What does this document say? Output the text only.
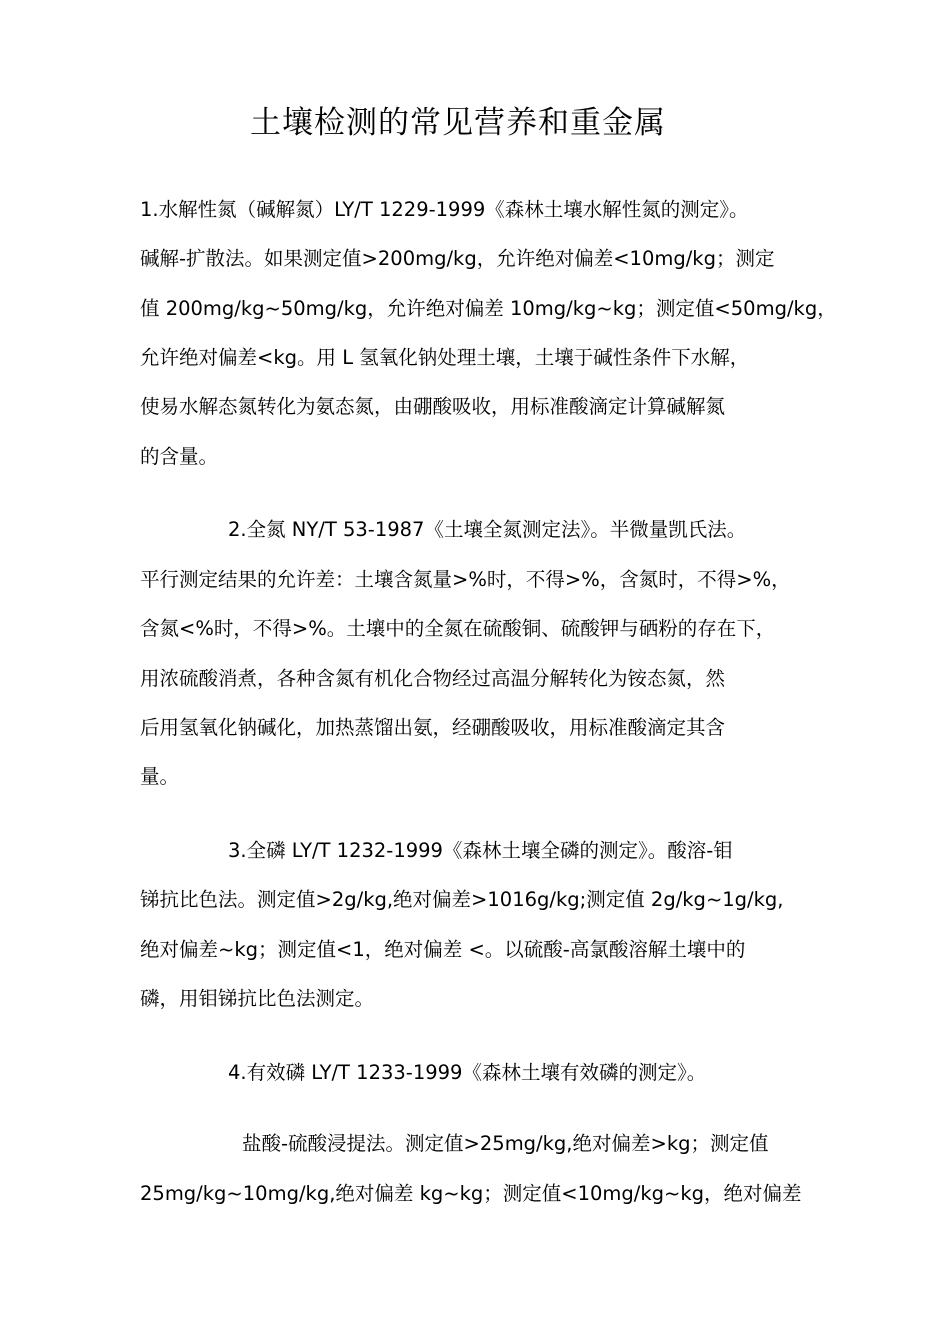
土壤检测的常见营养和重金属

1.水解性氮（碱解氮）LY/T 1229-1999《森林土壤水解性氮的测定》。

碱解-扩散法。如果测定值>200mg/kg，允许绝对偏差<10mg/kg；测定

值 200mg/kg~50mg/kg，允许绝对偏差 10mg/kg~kg；测定值<50mg/kg，

允许绝对偏差<kg。用 L 氢氧化钠处理土壤，土壤于碱性条件下水解，

使易水解态氮转化为氨态氮，由硼酸吸收，用标准酸滴定计算碱解氮

的含量。

2.全氮 NY/T 53-1987《土壤全氮测定法》。半微量凯氏法。

平行测定结果的允许差：土壤含氮量>%时，不得>%，含氮时，不得>%，

含氮<%时，不得>%。土壤中的全氮在硫酸铜、硫酸钾与硒粉的存在下，

用浓硫酸消煮，各种含氮有机化合物经过高温分解转化为铵态氮，然

后用氢氧化钠碱化，加热蒸馏出氨，经硼酸吸收，用标准酸滴定其含

量。

3.全磷 LY/T 1232-1999《森林土壤全磷的测定》。酸溶-钼

锑抗比色法。测定值>2g/kg,绝对偏差>1016g/kg;测定值 2g/kg~1g/kg,

绝对偏差~kg；测定值<1，绝对偏差 <。以硫酸-高氯酸溶解土壤中的

磷，用钼锑抗比色法测定。

4.有效磷 LY/T 1233-1999《森林土壤有效磷的测定》。

盐酸-硫酸浸提法。测定值>25mg/kg,绝对偏差>kg；测定值

25mg/kg~10mg/kg,绝对偏差 kg~kg；测定值<10mg/kg~kg，绝对偏差
